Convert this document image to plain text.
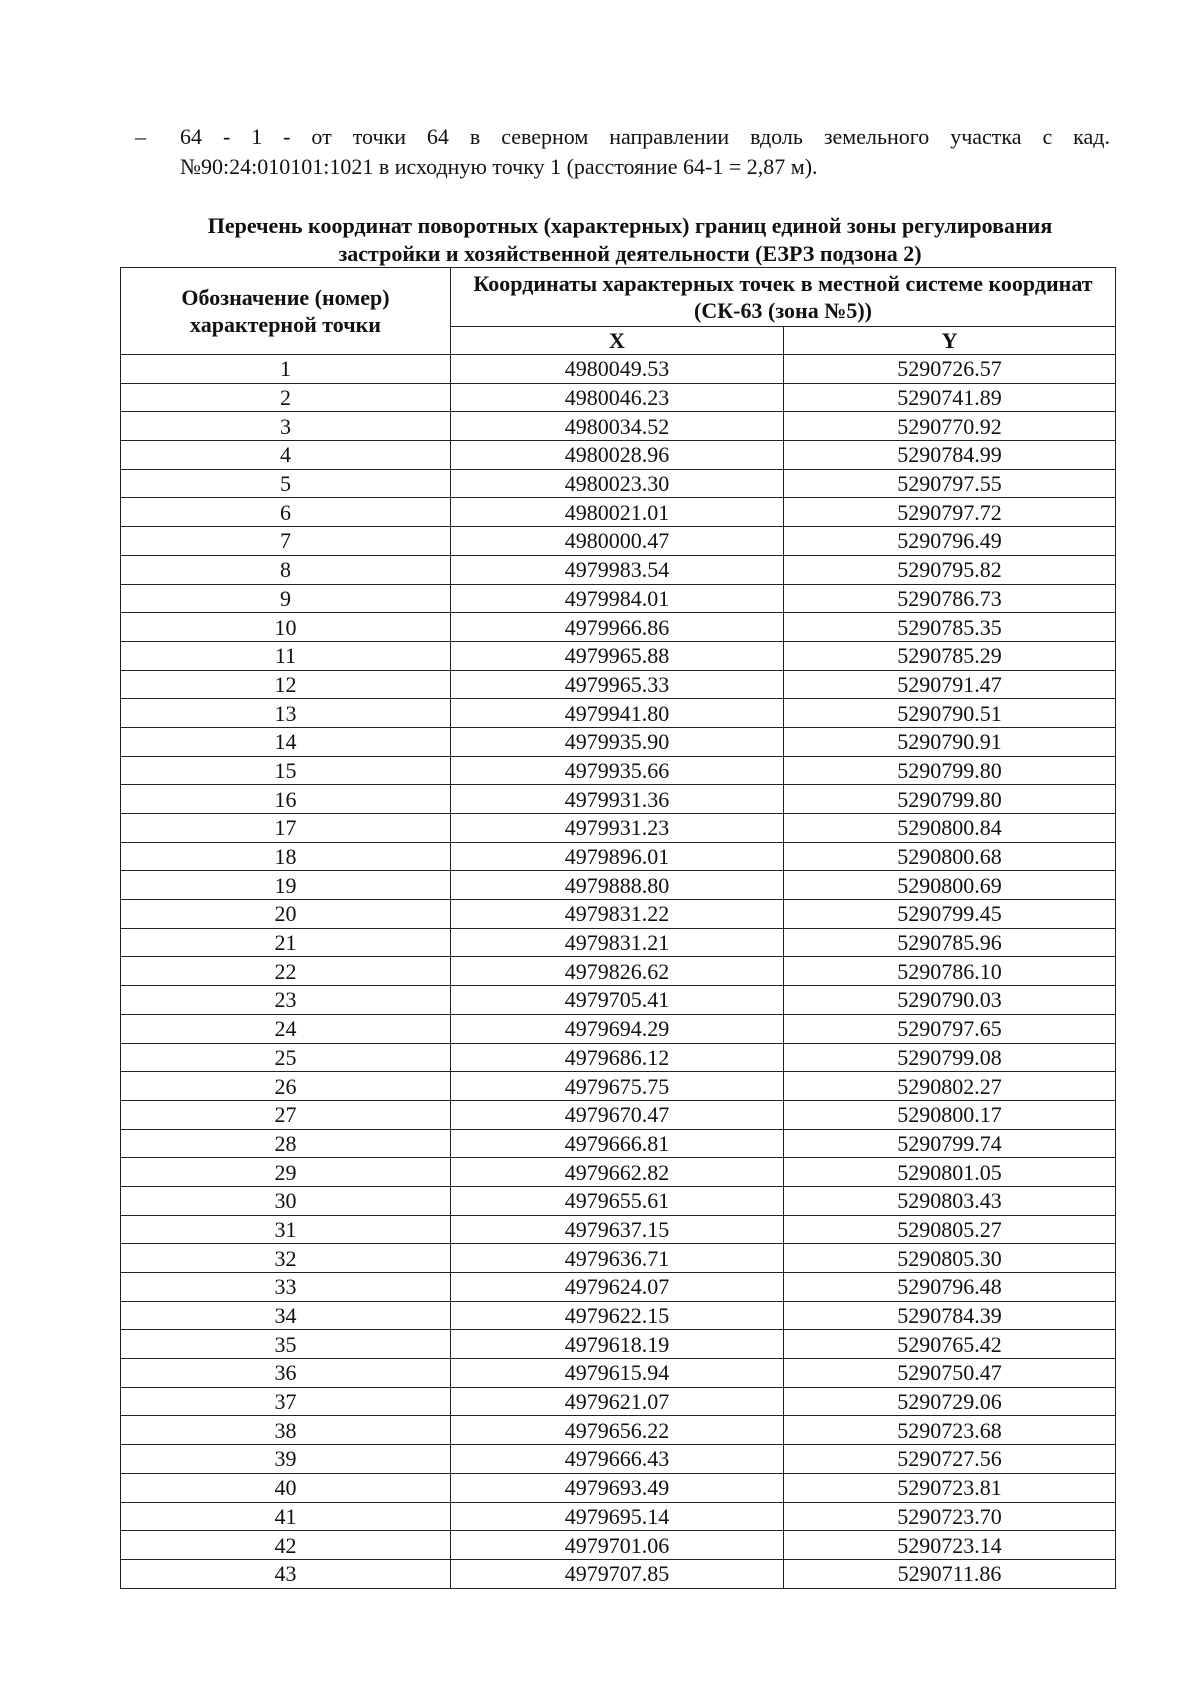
– 64 - 1 - от точки 64 в северном направлении вдоль земельного участка с кад.
№90:24:010101:1021 в исходную точку 1 (расстояние 64-1 = 2,87 м).
Перечень координат поворотных (характерных) границ единой зоны регулирования
застройки и хозяйственной деятельности (ЕЗРЗ подзона 2)
Обозначение (номер) характерной точки	Координаты характерных точек в местной системе координат (СК-63 (зона №5))	
	X	Y
1	4980049.53	5290726.57
2	4980046.23	5290741.89
3	4980034.52	5290770.92
4	4980028.96	5290784.99
5	4980023.30	5290797.55
6	4980021.01	5290797.72
7	4980000.47	5290796.49
8	4979983.54	5290795.82
9	4979984.01	5290786.73
10	4979966.86	5290785.35
11	4979965.88	5290785.29
12	4979965.33	5290791.47
13	4979941.80	5290790.51
14	4979935.90	5290790.91
15	4979935.66	5290799.80
16	4979931.36	5290799.80
17	4979931.23	5290800.84
18	4979896.01	5290800.68
19	4979888.80	5290800.69
20	4979831.22	5290799.45
21	4979831.21	5290785.96
22	4979826.62	5290786.10
23	4979705.41	5290790.03
24	4979694.29	5290797.65
25	4979686.12	5290799.08
26	4979675.75	5290802.27
27	4979670.47	5290800.17
28	4979666.81	5290799.74
29	4979662.82	5290801.05
30	4979655.61	5290803.43
31	4979637.15	5290805.27
32	4979636.71	5290805.30
33	4979624.07	5290796.48
34	4979622.15	5290784.39
35	4979618.19	5290765.42
36	4979615.94	5290750.47
37	4979621.07	5290729.06
38	4979656.22	5290723.68
39	4979666.43	5290727.56
40	4979693.49	5290723.81
41	4979695.14	5290723.70
42	4979701.06	5290723.14
43	4979707.85	5290711.86
